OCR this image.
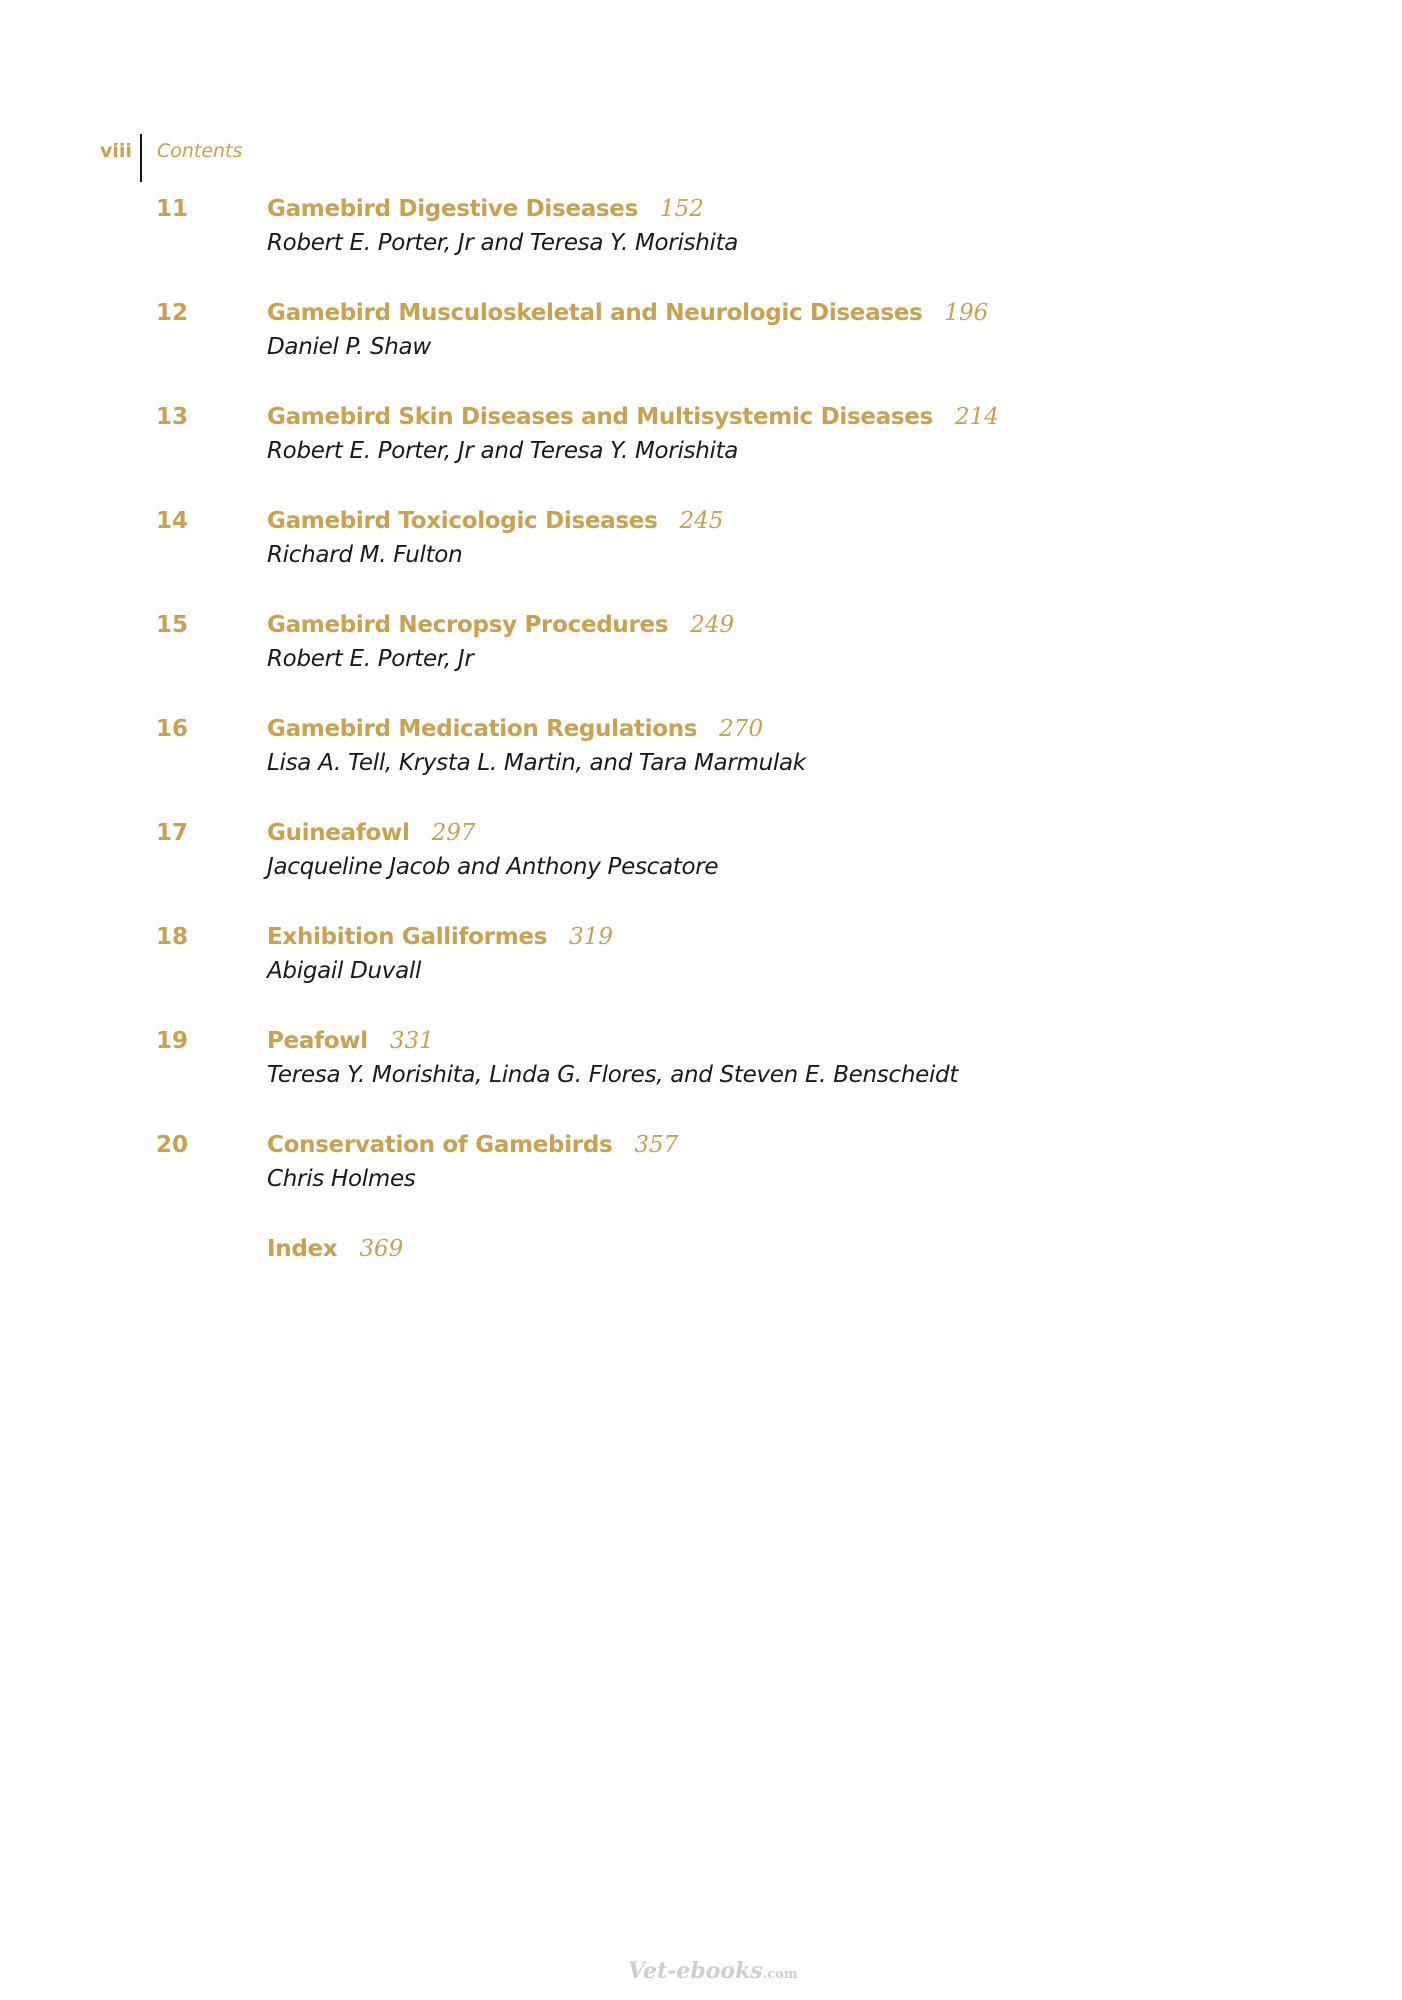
viii	Contents
11	Gamebird Digestive Diseases 152
Robert E. Porter, Jr and Teresa Y. Morishita
12	Gamebird Musculoskeletal and Neurologic Diseases 196
Daniel P. Shaw
13	Gamebird Skin Diseases and Multisystemic Diseases 214
Robert E. Porter, Jr and Teresa Y. Morishita
14	Gamebird Toxicologic Diseases 245
Richard M. Fulton
15	Gamebird Necropsy Procedures 249
Robert E. Porter, Jr
16	Gamebird Medication Regulations 270
Lisa A. Tell, Krysta L. Martin, and Tara Marmulak
17	Guineafowl 297
Jacqueline Jacob and Anthony Pescatore
18	Exhibition Galliformes 319
Abigail Duvall
19	Peafowl 331
Teresa Y. Morishita, Linda G. Flores, and Steven E. Benscheidt
20	Conservation of Gamebirds 357
Chris Holmes
Index 369
Vet-ebooks.com
